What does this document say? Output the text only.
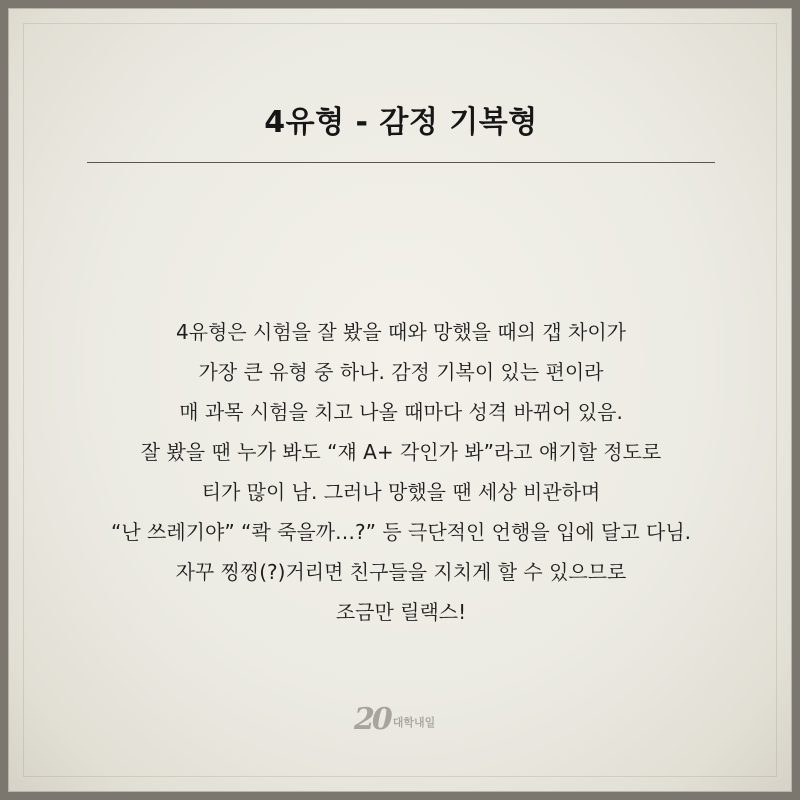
4유형 - 감정 기복형
4유형은 시험을 잘 봤을 때와 망했을 때의 갭 차이가
가장 큰 유형 중 하나. 감정 기복이 있는 편이라
매 과목 시험을 치고 나올 때마다 성격 바뀌어 있음.
잘 봤을 땐 누가 봐도 “쟤 A+ 각인가 봐”라고 얘기할 정도로
티가 많이 남. 그러나 망했을 땐 세상 비관하며
“난 쓰레기야” “콱 죽을까…?” 등 극단적인 언행을 입에 달고 다님.
자꾸 찡찡(?)거리면 친구들을 지치게 할 수 있으므로
조금만 릴랙스!
20 대학내일
